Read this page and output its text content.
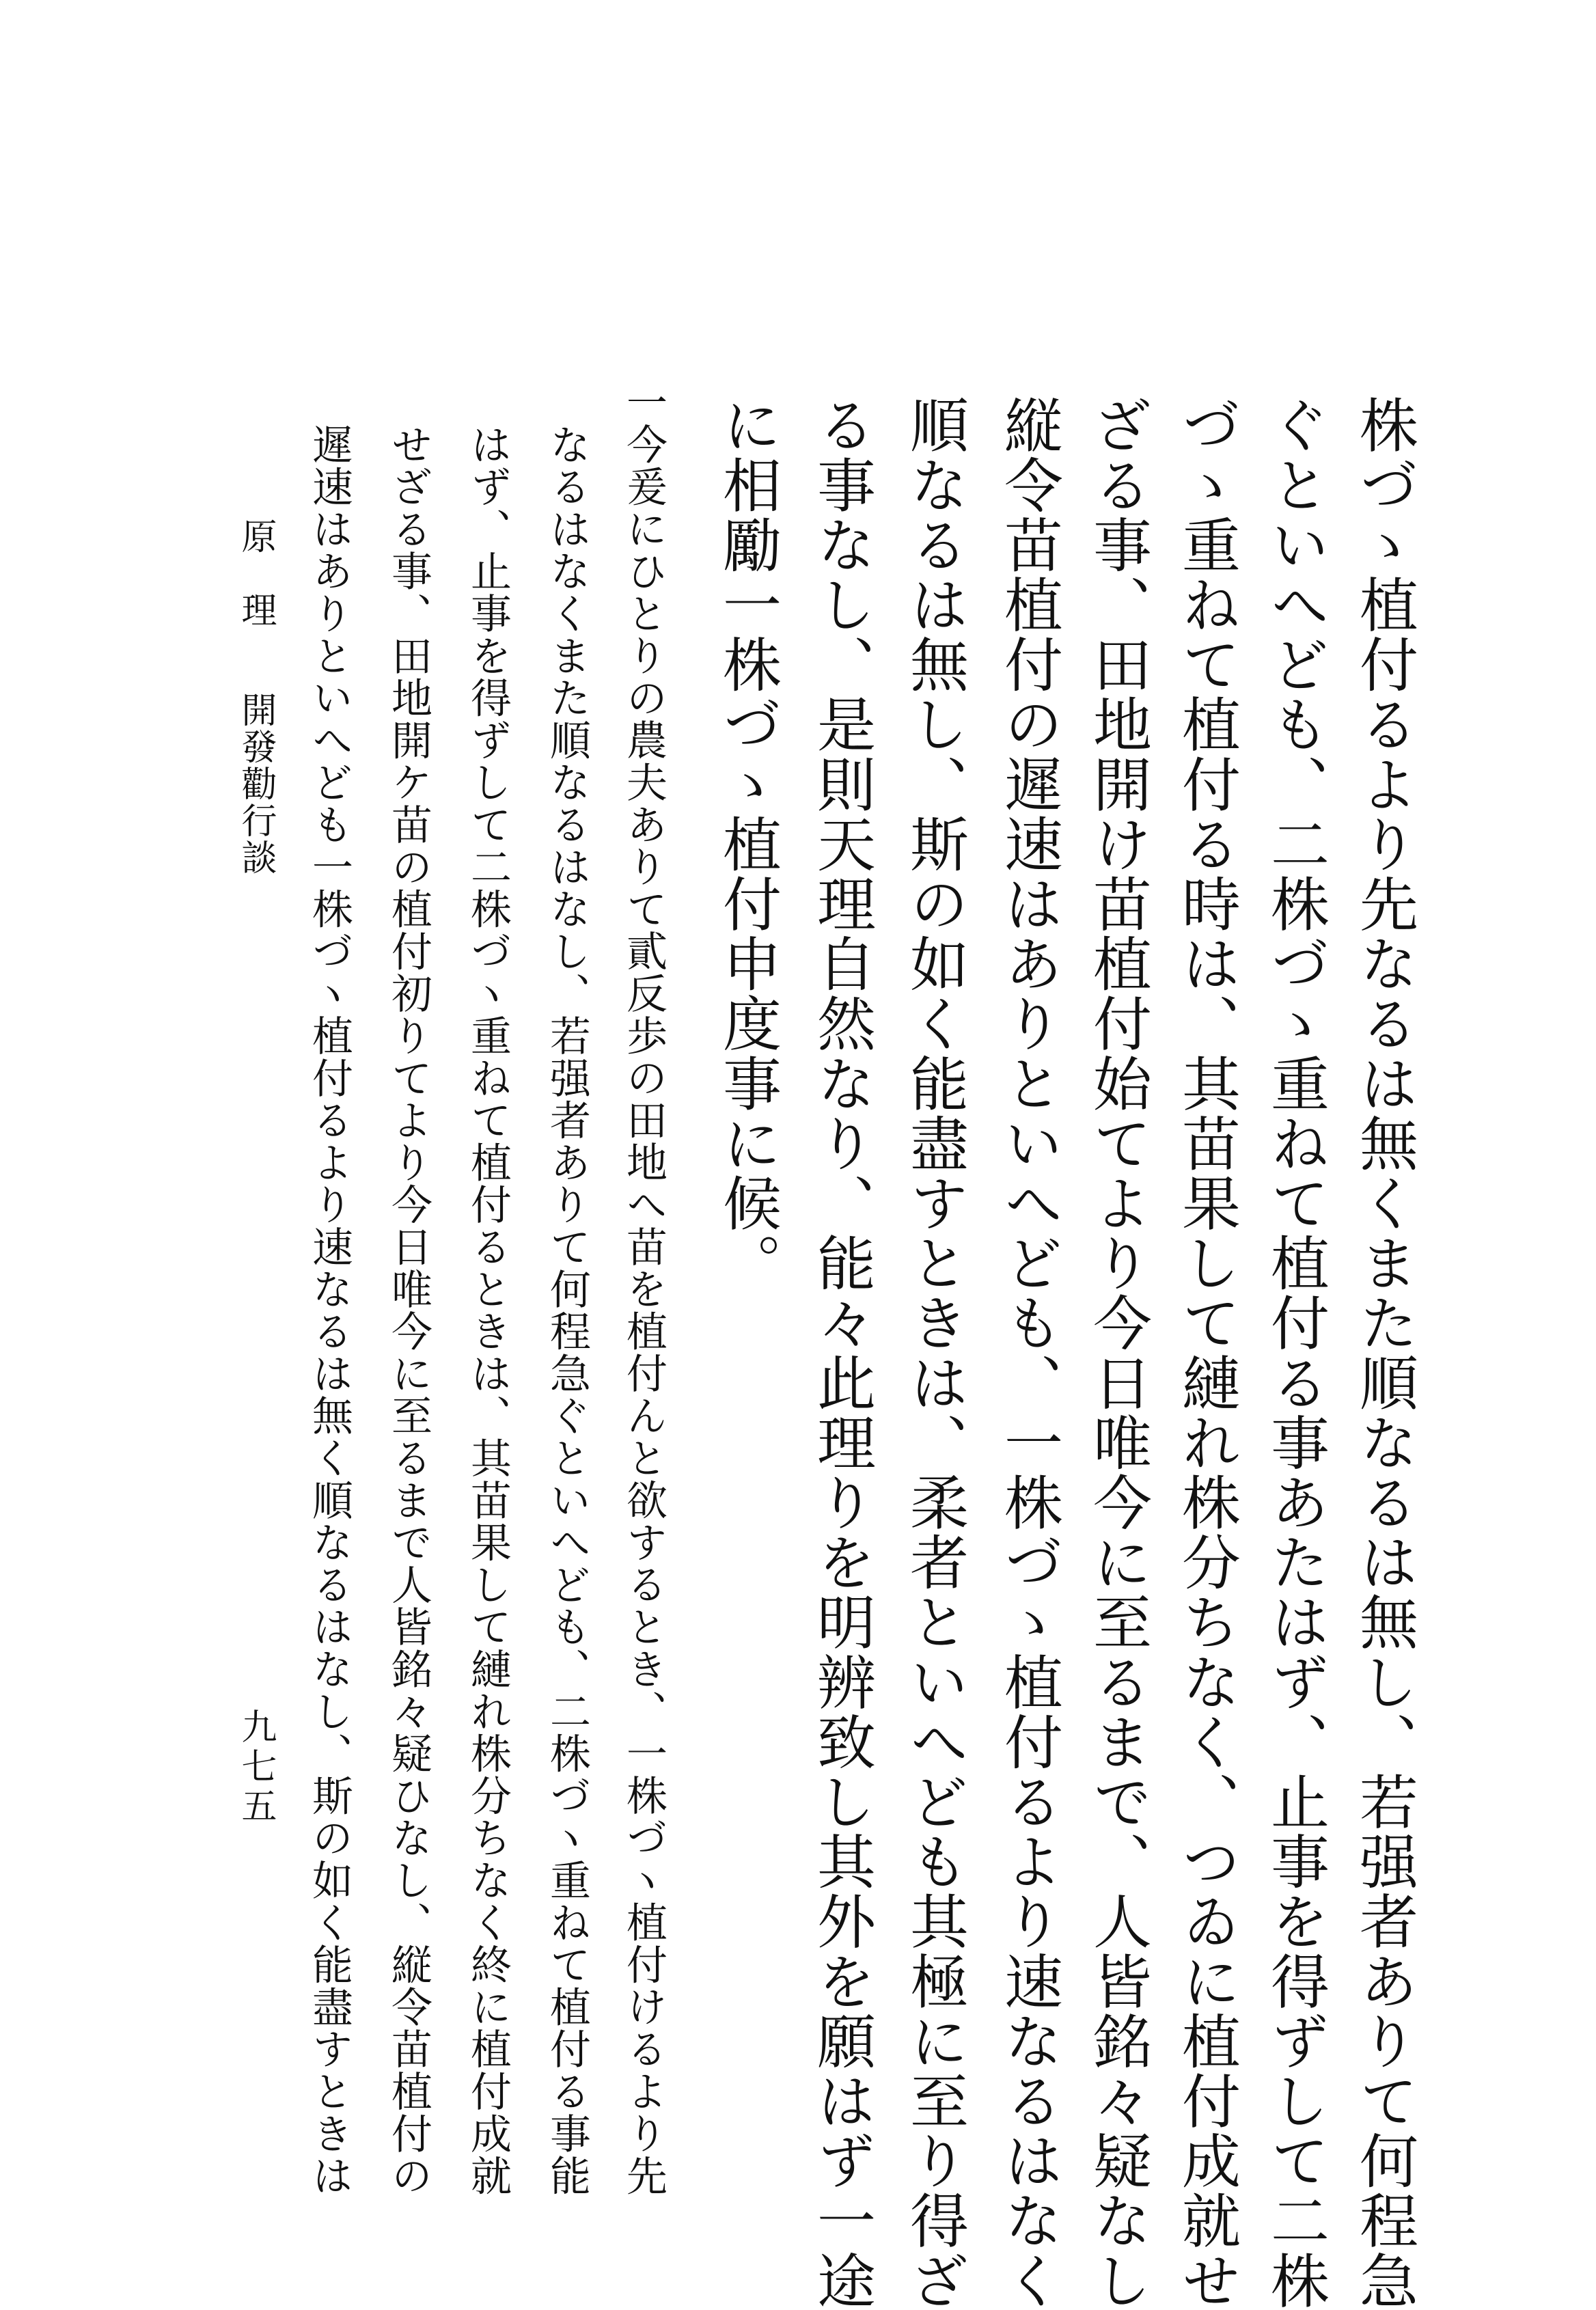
株づゝ植付るより先なるは無くまた順なるは無し、若强者ありて何程急

ぐといへども、二株づゝ重ねて植付る事あたはず、止事を得ずして二株

づゝ重ねて植付る時は、其苗果して縺れ株分ちなく、つゐに植付成就せ

ざる事、田地開け苗植付始てより今日唯今に至るまで、人皆銘々疑なし

縦令苗植付の遲速はありといへども、一株づゝ植付るより速なるはなく

順なるは無し、斯の如く能盡すときは、柔者といへども其極に至り得ざ

る事なし、是則天理自然なり、能々此理りを明辨致し其外を願はず一途

に相勵一株づゝ植付申度事に候。

一今爰にひとりの農夫ありて貳反歩の田地へ苗を植付んと欲するとき、一株づヽ植付けるより先

なるはなくまた順なるはなし、若强者ありて何程急ぐといへども、二株づヽ重ねて植付る事能

はず、止事を得ずして二株づヽ重ねて植付るときは、其苗果して縺れ株分ちなく終に植付成就

せざる事、田地開ケ苗の植付初りてより今日唯今に至るまで人皆銘々疑ひなし、縦令苗植付の

遲速はありといへども一株づヽ植付るより速なるは無く順なるはなし、斯の如く能盡すときは

原　理開發勸行談
九七五
